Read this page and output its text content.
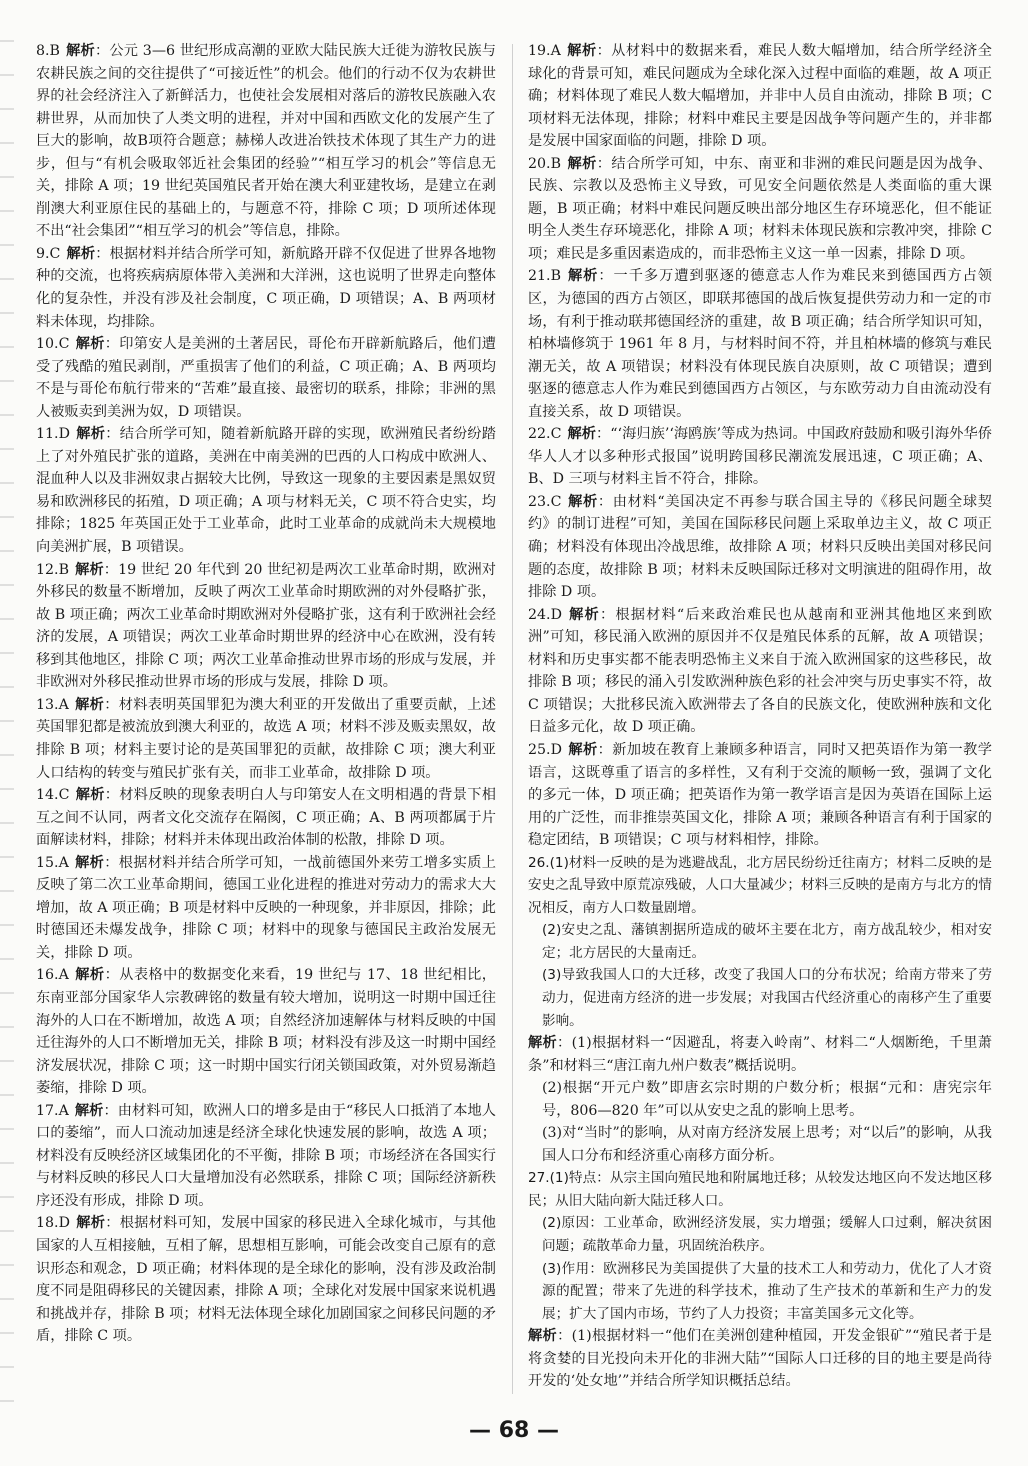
8.B 解析：公元 3—6 世纪形成高潮的亚欧大陆民族大迁徙为游牧民族与农耕民族之间的交往提供了“可接近性”的机会。他们的行动不仅为农耕世界的社会经济注入了新鲜活力，也使社会发展相对落后的游牧民族融入农耕世界，从而加快了人类文明的进程，并对中国和西欧文化的发展产生了巨大的影响，故B项符合题意；赫梯人改进冶铁技术体现了其生产力的进步，但与“有机会吸取邻近社会集团的经验”“相互学习的机会”等信息无关，排除 A 项；19 世纪英国殖民者开始在澳大利亚建牧场，是建立在剥削澳大利亚原住民的基础上的，与题意不符，排除 C 项；D 项所述体现不出“社会集团”“相互学习的机会”等信息，排除。

9.C 解析：根据材料并结合所学可知，新航路开辟不仅促进了世界各地物种的交流，也将疾病病原体带入美洲和大洋洲，这也说明了世界走向整体化的复杂性，并没有涉及社会制度，C 项正确，D 项错误；A、B 两项材料未体现，均排除。

10.C 解析：印第安人是美洲的土著居民，哥伦布开辟新航路后，他们遭受了残酷的殖民剥削，严重损害了他们的利益，C 项正确；A、B 两项均不是与哥伦布航行带来的“苦难”最直接、最密切的联系，排除；非洲的黑人被贩卖到美洲为奴，D 项错误。

11.D 解析：结合所学可知，随着新航路开辟的实现，欧洲殖民者纷纷踏上了对外殖民扩张的道路，美洲在中南美洲的巴西的人口构成中欧洲人、混血种人以及非洲奴隶占据较大比例，导致这一现象的主要因素是黑奴贸易和欧洲移民的拓殖，D 项正确；A 项与材料无关，C 项不符合史实，均排除；1825 年英国正处于工业革命，此时工业革命的成就尚未大规模地向美洲扩展，B 项错误。

12.B 解析：19 世纪 20 年代到 20 世纪初是两次工业革命时期，欧洲对外移民的数量不断增加，反映了两次工业革命时期欧洲的对外侵略扩张，故 B 项正确；两次工业革命时期欧洲对外侵略扩张，这有利于欧洲社会经济的发展，A 项错误；两次工业革命时期世界的经济中心在欧洲，没有转移到其他地区，排除 C 项；两次工业革命推动世界市场的形成与发展，并非欧洲对外移民推动世界市场的形成与发展，排除 D 项。

13.A 解析：材料表明英国罪犯为澳大利亚的开发做出了重要贡献，上述英国罪犯都是被流放到澳大利亚的，故选 A 项；材料不涉及贩卖黑奴，故排除 B 项；材料主要讨论的是英国罪犯的贡献，故排除 C 项；澳大利亚人口结构的转变与殖民扩张有关，而非工业革命，故排除 D 项。

14.C 解析：材料反映的现象表明白人与印第安人在文明相遇的背景下相互之间不认同，两者文化交流存在隔阂，C 项正确；A、B 两项都属于片面解读材料，排除；材料并未体现出政治体制的松散，排除 D 项。

15.A 解析：根据材料并结合所学可知，一战前德国外来劳工增多实质上反映了第二次工业革命期间，德国工业化进程的推进对劳动力的需求大大增加，故 A 项正确；B 项是材料中反映的一种现象，并非原因，排除；此时德国还未爆发战争，排除 C 项；材料中的现象与德国民主政治发展无关，排除 D 项。

16.A 解析：从表格中的数据变化来看，19 世纪与 17、18 世纪相比，东南亚部分国家华人宗教碑铭的数量有较大增加，说明这一时期中国迁往海外的人口在不断增加，故选 A 项；自然经济加速解体与材料反映的中国迁往海外的人口不断增加无关，排除 B 项；材料没有涉及这一时期中国经济发展状况，排除 C 项；这一时期中国实行闭关锁国政策，对外贸易渐趋萎缩，排除 D 项。

17.A 解析：由材料可知，欧洲人口的增多是由于“移民人口抵消了本地人口的萎缩”，而人口流动加速是经济全球化快速发展的影响，故选 A 项；材料没有反映经济区域集团化的不平衡，排除 B 项；市场经济在各国实行与材料反映的移民人口大量增加没有必然联系，排除 C 项；国际经济新秩序还没有形成，排除 D 项。

18.D 解析：根据材料可知，发展中国家的移民进入全球化城市，与其他国家的人互相接触，互相了解，思想相互影响，可能会改变自己原有的意识形态和观念，D 项正确；材料体现的是全球化的影响，没有涉及政治制度不同是阻碍移民的关键因素，排除 A 项；全球化对发展中国家来说机遇和挑战并存，排除 B 项；材料无法体现全球化加剧国家之间移民问题的矛盾，排除 C 项。

19.A 解析：从材料中的数据来看，难民人数大幅增加，结合所学经济全球化的背景可知，难民问题成为全球化深入过程中面临的难题，故 A 项正确；材料体现了难民人数大幅增加，并非中人员自由流动，排除 B 项；C 项材料无法体现，排除；材料中难民主要是因战争等问题产生的，并非都是发展中国家面临的问题，排除 D 项。

20.B 解析：结合所学可知，中东、南亚和非洲的难民问题是因为战争、民族、宗教以及恐怖主义导致，可见安全问题依然是人类面临的重大课题，B 项正确；材料中难民问题反映出部分地区生存环境恶化，但不能证明全人类生存环境恶化，排除 A 项；材料未体现民族和宗教冲突，排除 C 项；难民是多重因素造成的，而非恐怖主义这一单一因素，排除 D 项。

21.B 解析：一千多万遭到驱逐的德意志人作为难民来到德国西方占领区，为德国的西方占领区，即联邦德国的战后恢复提供劳动力和一定的市场，有利于推动联邦德国经济的重建，故 B 项正确；结合所学知识可知，柏林墙修筑于 1961 年 8 月，与材料时间不符，并且柏林墙的修筑与难民潮无关，故 A 项错误；材料没有体现民族自决原则，故 C 项错误；遭到驱逐的德意志人作为难民到德国西方占领区，与东欧劳动力自由流动没有直接关系，故 D 项错误。

22.C 解析：“‘海归族’‘海鸥族’等成为热词。中国政府鼓励和吸引海外华侨华人人才以多种形式报国”说明跨国移民潮流发展迅速，C 项正确；A、B、D 三项与材料主旨不符合，排除。

23.C 解析：由材料“美国决定不再参与联合国主导的《移民问题全球契约》的制订进程”可知，美国在国际移民问题上采取单边主义，故 C 项正确；材料没有体现出冷战思维，故排除 A 项；材料只反映出美国对移民问题的态度，故排除 B 项；材料未反映国际迁移对文明演进的阻碍作用，故排除 D 项。

24.D 解析：根据材料“后来政治难民也从越南和亚洲其他地区来到欧洲”可知，移民涌入欧洲的原因并不仅是殖民体系的瓦解，故 A 项错误；材料和历史事实都不能表明恐怖主义来自于流入欧洲国家的这些移民，故排除 B 项；移民的涌入引发欧洲种族色彩的社会冲突与历史事实不符，故 C 项错误；大批移民流入欧洲带去了各自的民族文化，使欧洲种族和文化日益多元化，故 D 项正确。

25.D 解析：新加坡在教育上兼顾多种语言，同时又把英语作为第一教学语言，这既尊重了语言的多样性，又有利于交流的顺畅一致，强调了文化的多元一体，D 项正确；把英语作为第一教学语言是因为英语在国际上运用的广泛性，而非推崇英国文化，排除 A 项；兼顾各种语言有利于国家的稳定团结，B 项错误；C 项与材料相悖，排除。

26.(1)材料一反映的是为逃避战乱，北方居民纷纷迁往南方；材料二反映的是安史之乱导致中原荒凉残破，人口大量减少；材料三反映的是南方与北方的情况相反，南方人口数量剧增。

(2)安史之乱、藩镇割据所造成的破坏主要在北方，南方战乱较少，相对安定；北方居民的大量南迁。

(3)导致我国人口的大迁移，改变了我国人口的分布状况；给南方带来了劳动力，促进南方经济的进一步发展；对我国古代经济重心的南移产生了重要影响。

解析：(1)根据材料一“因避乱，将妻入岭南”、材料二“人烟断绝，千里萧条”和材料三“唐江南九州户数表”概括说明。

(2)根据“开元户数”即唐玄宗时期的户数分析；根据“元和：唐宪宗年号，806—820 年”可以从安史之乱的影响上思考。

(3)对“当时”的影响，从对南方经济发展上思考；对“以后”的影响，从我国人口分布和经济重心南移方面分析。

27.(1)特点：从宗主国向殖民地和附属地迁移；从较发达地区向不发达地区移民；从旧大陆向新大陆迁移人口。

(2)原因：工业革命，欧洲经济发展，实力增强；缓解人口过剩，解决贫困问题；疏散革命力量，巩固统治秩序。

(3)作用：欧洲移民为美国提供了大量的技术工人和劳动力，优化了人才资源的配置；带来了先进的科学技术，推动了生产技术的革新和生产力的发展；扩大了国内市场，节约了人力投资；丰富美国多元文化等。

解析：(1)根据材料一“他们在美洲创建种植园，开发金银矿”“殖民者于是将贪婪的目光投向未开化的非洲大陆”“国际人口迁移的目的地主要是尚待开发的‘处女地’”并结合所学知识概括总结。

— 68 —
